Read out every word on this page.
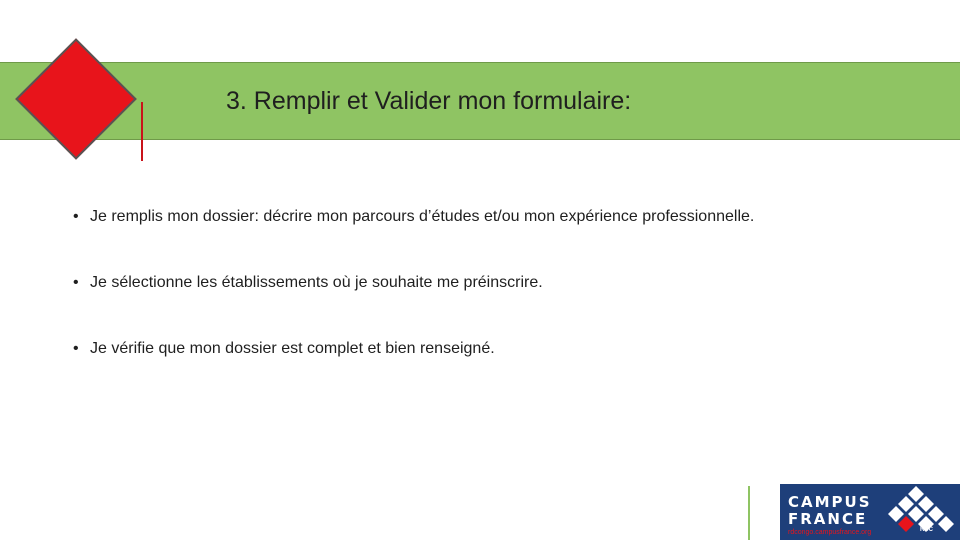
3. Remplir et Valider mon formulaire:
• Je remplis mon dossier: décrire mon parcours d’études et/ou mon expérience professionnelle.
• Je sélectionne les établissements où je souhaite me préinscrire.
• Je vérifie que mon dossier est complet et bien renseigné.
CAMPUS
FRANCE
rdcongo.campusfrance.org	RDC
